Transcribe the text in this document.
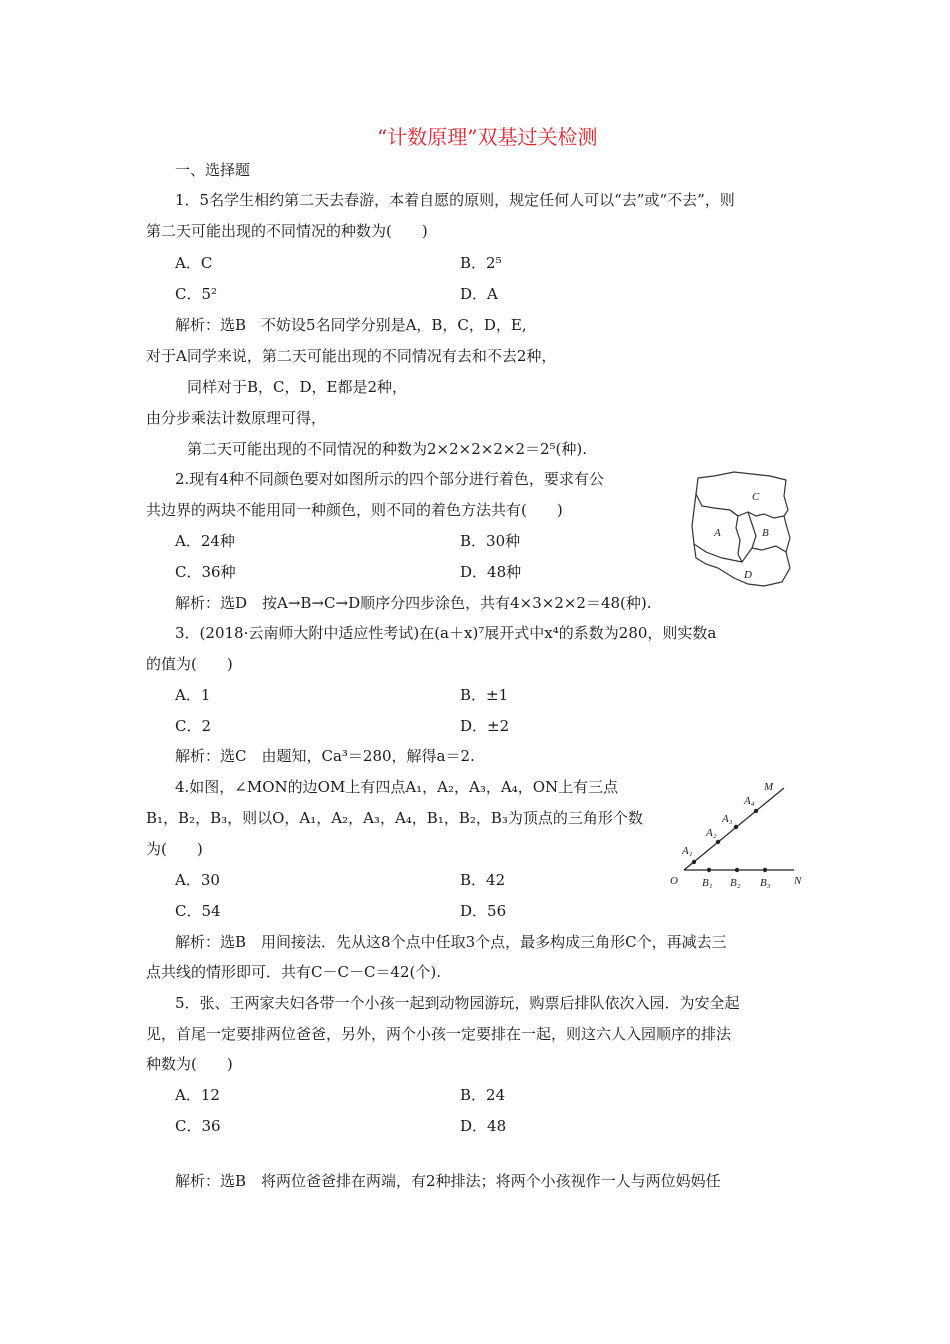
“计数原理”双基过关检测
一、选择题
1．5名学生相约第二天去春游，本着自愿的原则，规定任何人可以“去”或“不去”，则
第二天可能出现的不同情况的种数为(　　)
A．C	B．2⁵
C．5²	D．A
解析：选B　不妨设5名同学分别是A，B，C，D，E,
对于A同学来说，第二天可能出现的不同情况有去和不去2种，
同样对于B，C，D，E都是2种，
由分步乘法计数原理可得，
第二天可能出现的不同情况的种数为2×2×2×2×2＝2⁵(种).
2.现有4种不同颜色要对如图所示的四个部分进行着色，要求有公
共边界的两块不能用同一种颜色，则不同的着色方法共有(　　)
A．24种	B．30种
C．36种	D．48种
解析：选D　按A→B→C→D顺序分四步涂色，共有4×3×2×2＝48(种).
C
A	B
D
3．(2018·云南师大附中适应性考试)在(a＋x)⁷展开式中x⁴的系数为280，则实数a
的值为(　　)
A．1	B．±1
C．2	D．±2
解析：选C　由题知，Ca³＝280，解得a＝2.
4.如图，∠MON的边OM上有四点A₁，A₂，A₃，A₄，ON上有三点
B₁，B₂，B₃，则以O，A₁，A₂，A₃，A₄，B₁，B₂，B₃为顶点的三角形个数
为(　　)
A．30	B．42
C．54	D．56
解析：选B　用间接法．先从这8个点中任取3个点，最多构成三角形C个，再减去三
点共线的情形即可．共有C－C－C＝42(个).
O
M
N
A₁
A₂
A₃
A₄
B₁ B₂ B₃
5．张、王两家夫妇各带一个小孩一起到动物园游玩，购票后排队依次入园．为安全起
见，首尾一定要排两位爸爸，另外，两个小孩一定要排在一起，则这六人入园顺序的排法
种数为(　　)
A．12	B．24
C．36	D．48
解析：选B　将两位爸爸排在两端，有2种排法；将两个小孩视作一人与两位妈妈任
